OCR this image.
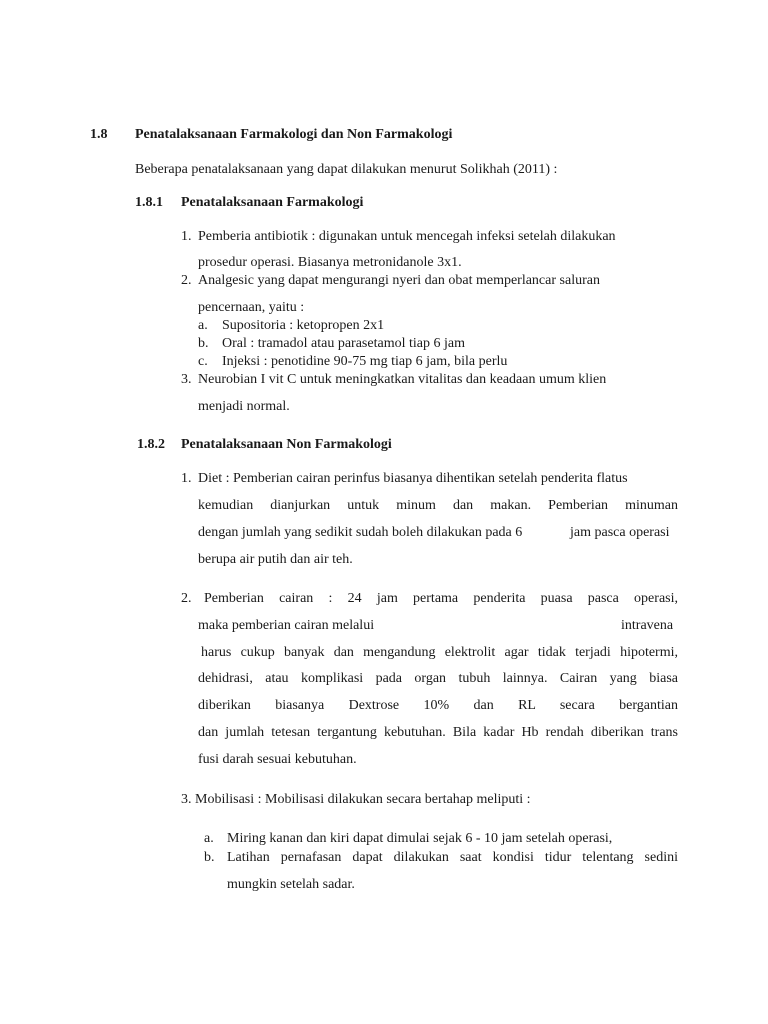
1.8 Penatalaksanaan Farmakologi dan Non Farmakologi
Beberapa penatalaksanaan yang dapat dilakukan menurut Solikhah (2011) :
1.8.1 Penatalaksanaan Farmakologi
1. Pemberia antibiotik : digunakan untuk mencegah infeksi setelah dilakukan
prosedur operasi. Biasanya metronidanole 3x1.
2. Analgesic yang dapat mengurangi nyeri dan obat memperlancar saluran
pencernaan, yaitu :
a. Supositoria : ketopropen 2x1
b. Oral : tramadol atau parasetamol tiap 6 jam
c. Injeksi : penotidine 90-75 mg tiap 6 jam, bila perlu
3. Neurobian I vit C untuk meningkatkan vitalitas dan keadaan umum klien
menjadi normal.
1.8.2 Penatalaksanaan Non Farmakologi
1. Diet : Pemberian cairan perinfus biasanya dihentikan setelah penderita flatus
kemudian dianjurkan untuk minum dan makan. Pemberian minuman
dengan jumlah yang sedikit sudah boleh dilakukan pada 6	jam pasca operasi
berupa air putih dan air teh.
2. Pemberian cairan : 24 jam pertama penderita puasa pasca operasi,
maka pemberian cairan melalui	intravena
harus cukup banyak dan mengandung elektrolit agar tidak terjadi hipotermi,
dehidrasi, atau komplikasi pada organ tubuh lainnya. Cairan yang biasa
diberikan biasanya Dextrose 10% dan RL secara bergantian
dan jumlah tetesan tergantung kebutuhan. Bila kadar Hb rendah diberikan trans
fusi darah sesuai kebutuhan.
3. Mobilisasi : Mobilisasi dilakukan secara bertahap meliputi :
a. Miring kanan dan kiri dapat dimulai sejak 6 - 10 jam setelah operasi,
b. Latihan pernafasan dapat dilakukan saat kondisi tidur telentang sedini
mungkin setelah sadar.
